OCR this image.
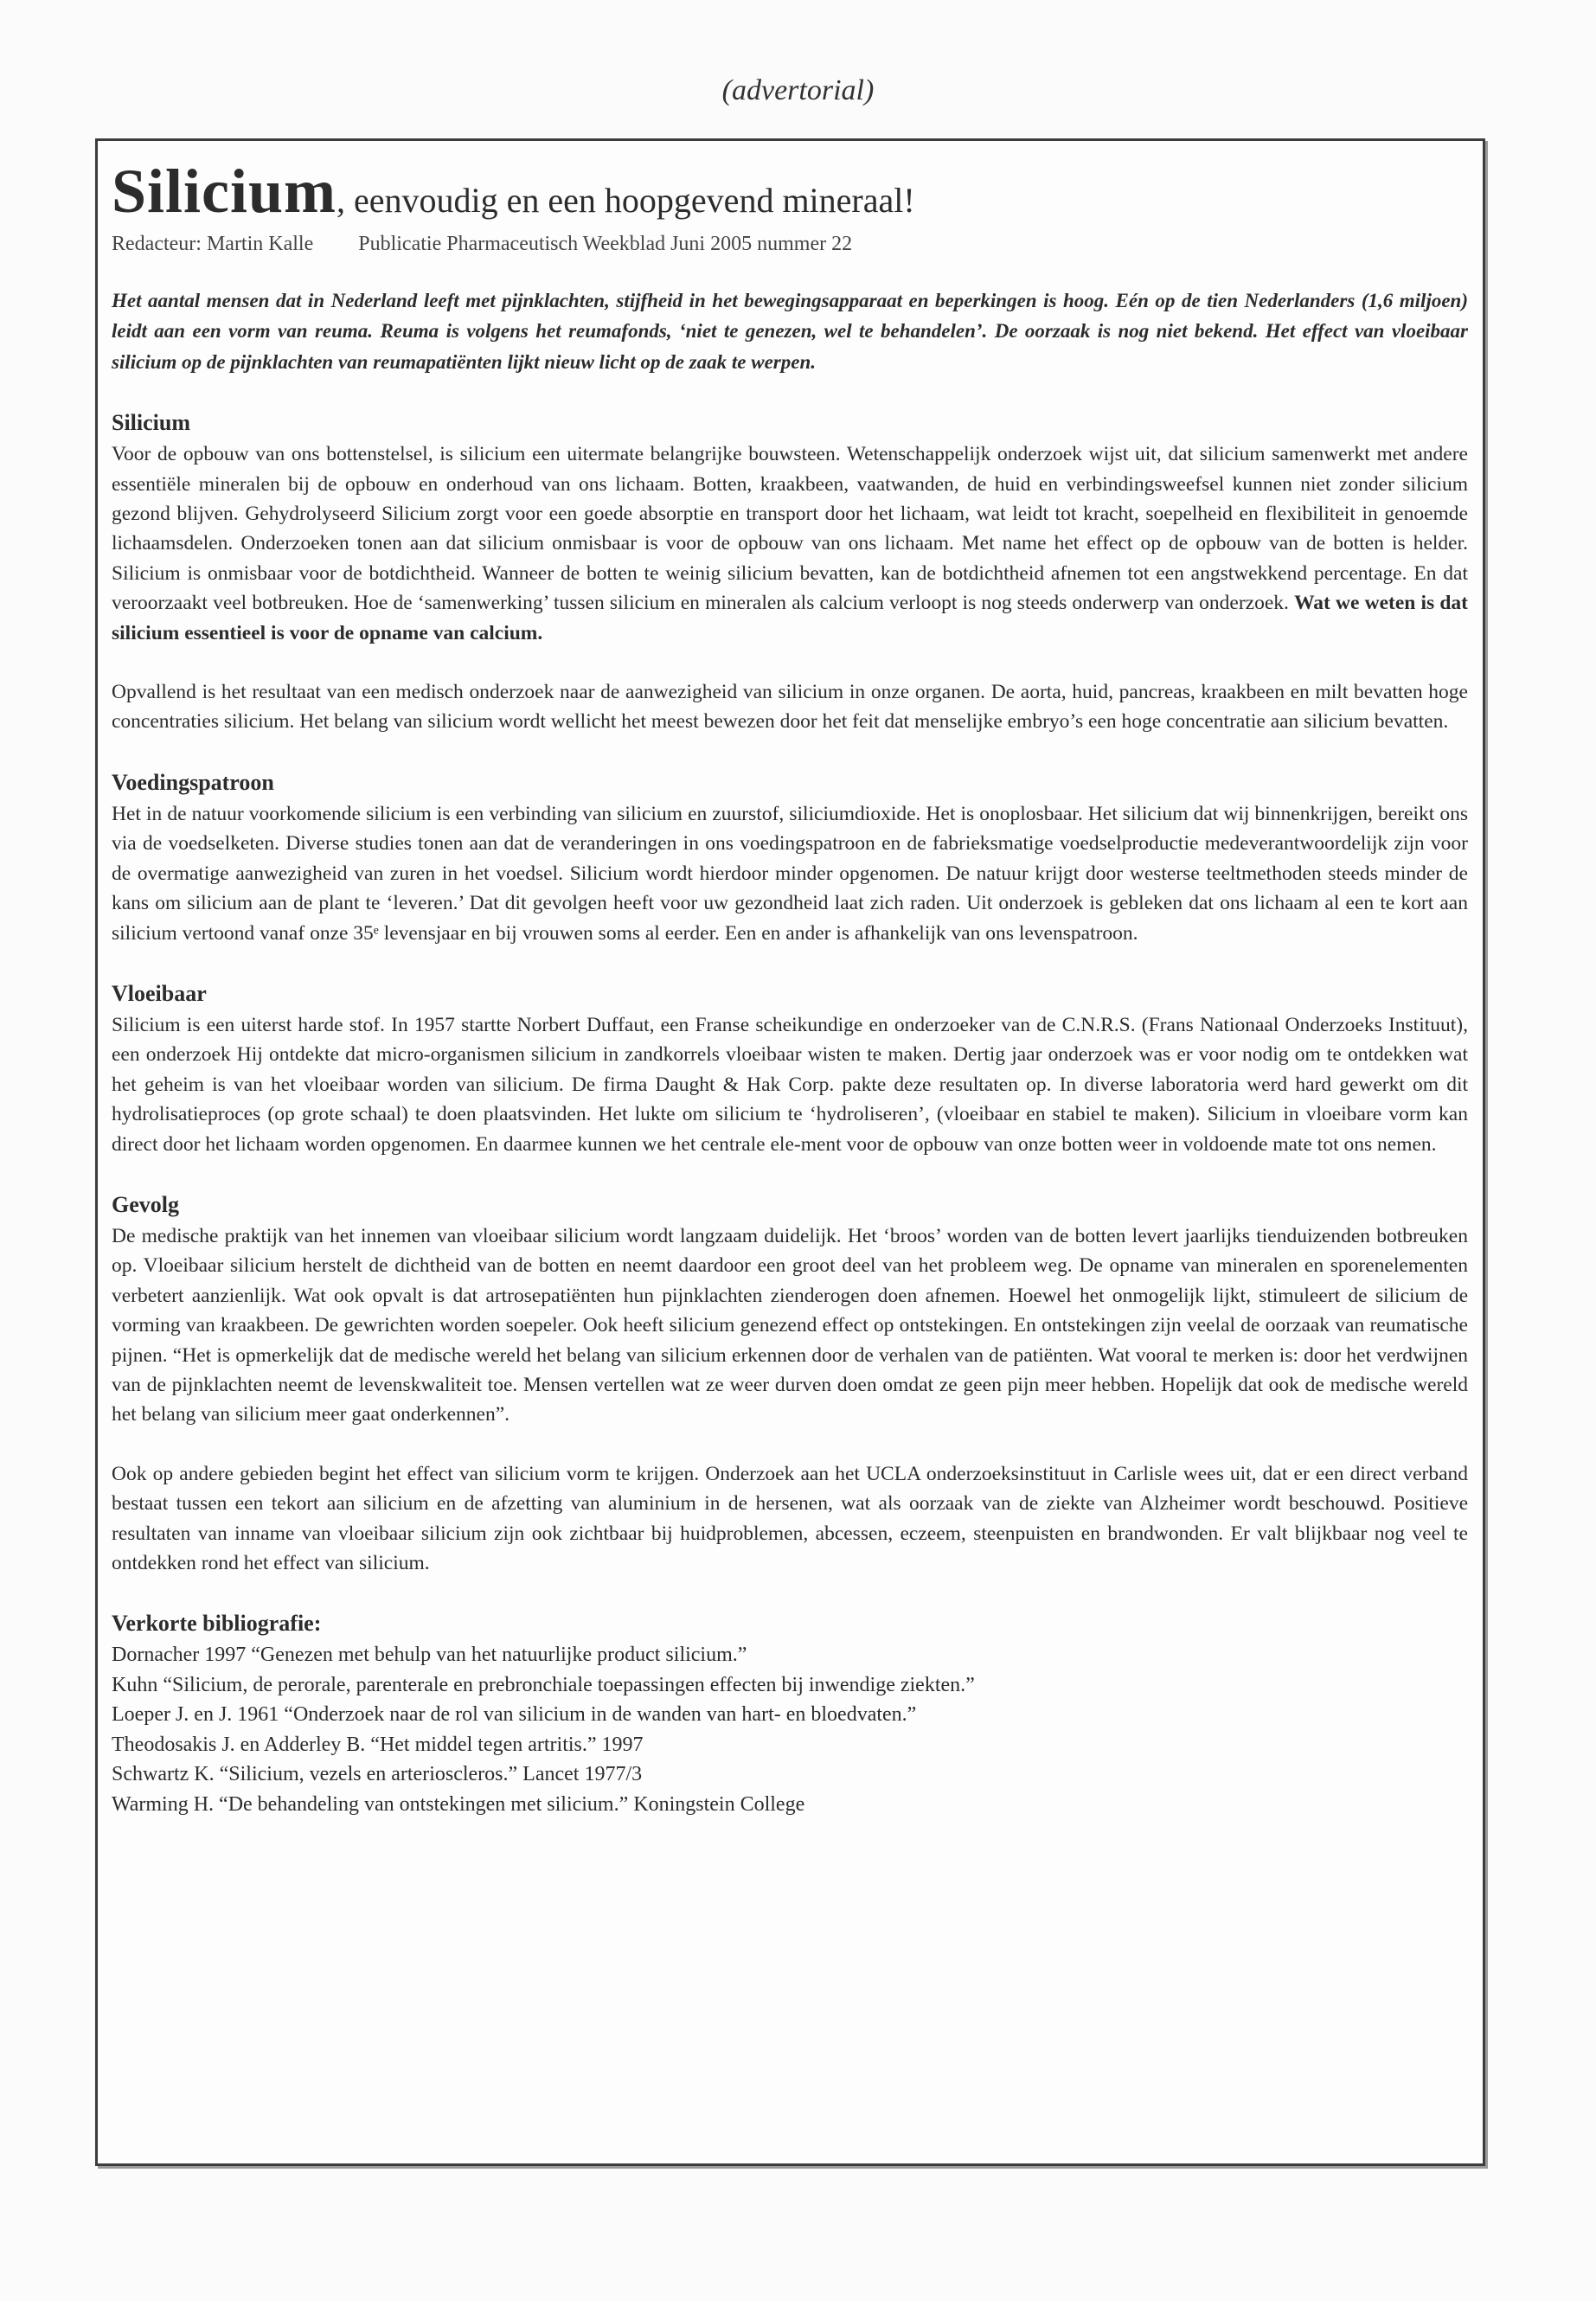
(advertorial)
Silicium, eenvoudig en een hoopgevend mineraal!
Redacteur: Martin Kalle Publicatie Pharmaceutisch Weekblad Juni 2005 nummer 22
Het aantal mensen dat in Nederland leeft met pijnklachten, stijfheid in het bewegingsapparaat en beperkingen is hoog. Eén op de tien Nederlanders (1,6 miljoen) leidt aan een vorm van reuma. Reuma is volgens het reumafonds, ‘niet te genezen, wel te behandelen’. De oorzaak is nog niet bekend. Het effect van vloeibaar silicium op de pijnklachten van reumapatiënten lijkt nieuw licht op de zaak te werpen.
Silicium

Voor de opbouw van ons bottenstelsel, is silicium een uitermate belangrijke bouwsteen. Wetenschappelijk onderzoek wijst uit, dat silicium samenwerkt met andere essentiële mineralen bij de opbouw en onderhoud van ons lichaam. Botten, kraakbeen, vaatwanden, de huid en verbindingsweefsel kunnen niet zonder silicium gezond blijven. Gehydrolyseerd Silicium zorgt voor een goede absorptie en transport door het lichaam, wat leidt tot kracht, soepelheid en flexibiliteit in genoemde lichaamsdelen. Onderzoeken tonen aan dat silicium onmisbaar is voor de opbouw van ons lichaam. Met name het effect op de opbouw van de botten is helder. Silicium is onmisbaar voor de botdichtheid. Wanneer de botten te weinig silicium bevatten, kan de botdichtheid afnemen tot een angstwekkend percentage. En dat veroorzaakt veel botbreuken. Hoe de ‘samenwerking’ tussen silicium en mineralen als calcium verloopt is nog steeds onderwerp van onderzoek. Wat we weten is dat silicium essentieel is voor de opname van calcium.

Opvallend is het resultaat van een medisch onderzoek naar de aanwezigheid van silicium in onze organen. De aorta, huid, pancreas, kraakbeen en milt bevatten hoge concentraties silicium. Het belang van silicium wordt wellicht het meest bewezen door het feit dat menselijke embryo’s een hoge concentratie aan silicium bevatten.

Voedingspatroon

Het in de natuur voorkomende silicium is een verbinding van silicium en zuurstof, siliciumdioxide. Het is onoplosbaar. Het silicium dat wij binnenkrijgen, bereikt ons via de voedselketen. Diverse studies tonen aan dat de veranderingen in ons voedingspatroon en de fabrieksmatige voedselproductie medeverantwoordelijk zijn voor de overmatige aanwezigheid van zuren in het voedsel. Silicium wordt hierdoor minder opgenomen. De natuur krijgt door westerse teeltmethoden steeds minder de kans om silicium aan de plant te ‘leveren.’ Dat dit gevolgen heeft voor uw gezondheid laat zich raden. Uit onderzoek is gebleken dat ons lichaam al een te kort aan silicium vertoond vanaf onze 35ᵉ levensjaar en bij vrouwen soms al eerder. Een en ander is afhankelijk van ons levenspatroon.

Vloeibaar

Silicium is een uiterst harde stof. In 1957 startte Norbert Duffaut, een Franse scheikundige en onderzoeker van de C.N.R.S. (Frans Nationaal Onderzoeks Instituut), een onderzoek Hij ontdekte dat micro-organismen silicium in zandkorrels vloeibaar wisten te maken. Dertig jaar onderzoek was er voor nodig om te ontdekken wat het geheim is van het vloeibaar worden van silicium. De firma Daught & Hak Corp. pakte deze resultaten op. In diverse laboratoria werd hard gewerkt om dit hydrolisatieproces (op grote schaal) te doen plaatsvinden. Het lukte om silicium te ‘hydroliseren’, (vloeibaar en stabiel te maken). Silicium in vloeibare vorm kan direct door het lichaam worden opgenomen. En daarmee kunnen we het centrale ele-ment voor de opbouw van onze botten weer in voldoende mate tot ons nemen.

Gevolg

De medische praktijk van het innemen van vloeibaar silicium wordt langzaam duidelijk. Het ‘broos’ worden van de botten levert jaarlijks tienduizenden botbreuken op. Vloeibaar silicium herstelt de dichtheid van de botten en neemt daardoor een groot deel van het probleem weg. De opname van mineralen en sporenelementen verbetert aanzienlijk. Wat ook opvalt is dat artrosepatiënten hun pijnklachten zienderogen doen afnemen. Hoewel het onmogelijk lijkt, stimuleert de silicium de vorming van kraakbeen. De gewrichten worden soepeler. Ook heeft silicium genezend effect op ontstekingen. En ontstekingen zijn veelal de oorzaak van reumatische pijnen. “Het is opmerkelijk dat de medische wereld het belang van silicium erkennen door de verhalen van de patiënten. Wat vooral te merken is: door het verdwijnen van de pijnklachten neemt de levenskwaliteit toe. Mensen vertellen wat ze weer durven doen omdat ze geen pijn meer hebben. Hopelijk dat ook de medische wereld het belang van silicium meer gaat onderkennen”.

Ook op andere gebieden begint het effect van silicium vorm te krijgen. Onderzoek aan het UCLA onderzoeksinstituut in Carlisle wees uit, dat er een direct verband bestaat tussen een tekort aan silicium en de afzetting van aluminium in de hersenen, wat als oorzaak van de ziekte van Alzheimer wordt beschouwd. Positieve resultaten van inname van vloeibaar silicium zijn ook zichtbaar bij huidproblemen, abcessen, eczeem, steenpuisten en brandwonden. Er valt blijkbaar nog veel te ontdekken rond het effect van silicium.

Verkorte bibliografie:
Dornacher 1997 “Genezen met behulp van het natuurlijke product silicium.”
Kuhn “Silicium, de perorale, parenterale en prebronchiale toepassingen effecten bij inwendige ziekten.”
Loeper J. en J. 1961 “Onderzoek naar de rol van silicium in de wanden van hart- en bloedvaten.”
Theodosakis J. en Adderley B. “Het middel tegen artritis.” 1997
Schwartz K. “Silicium, vezels en arterioscleros.” Lancet 1977/3
Warming H. “De behandeling van ontstekingen met silicium.” Koningstein College
